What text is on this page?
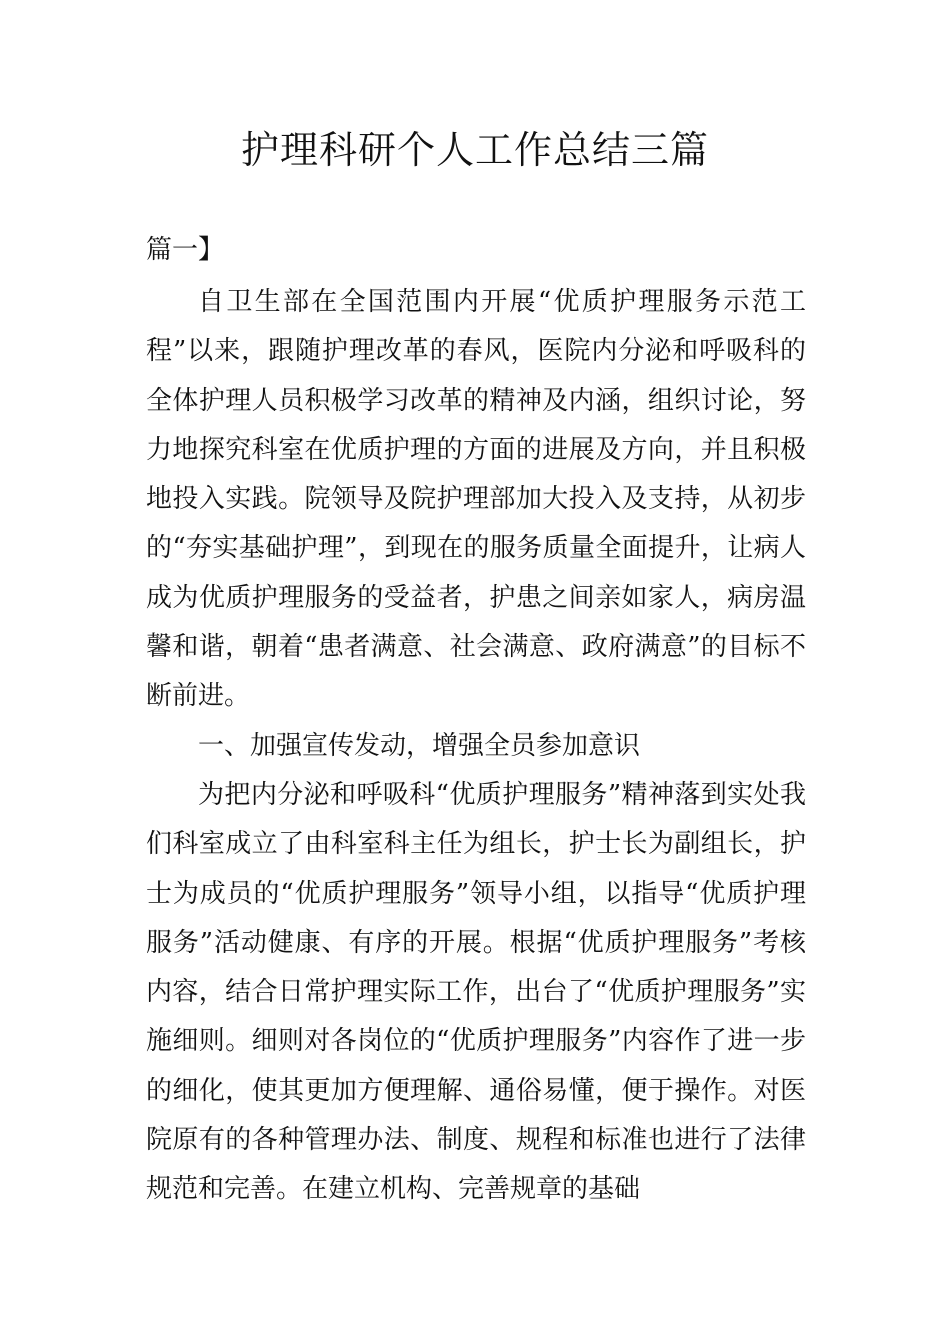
护理科研个人工作总结三篇

篇一】

自卫生部在全国范围内开展“优质护理服务示范工程”以来，跟随护理改革的春风，医院内分泌和呼吸科的全体护理人员积极学习改革的精神及内涵，组织讨论，努力地探究科室在优质护理的方面的进展及方向，并且积极地投入实践。院领导及院护理部加大投入及支持，从初步的“夯实基础护理”，到现在的服务质量全面提升，让病人成为优质护理服务的受益者，护患之间亲如家人，病房温馨和谐，朝着“患者满意、社会满意、政府满意”的目标不断前进。

一、加强宣传发动，增强全员参加意识

为把内分泌和呼吸科“优质护理服务”精神落到实处我们科室成立了由科室科主任为组长，护士长为副组长，护士为成员的“优质护理服务”领导小组，以指导“优质护理服务”活动健康、有序的开展。根据“优质护理服务”考核内容，结合日常护理实际工作，出台了“优质护理服务”实施细则。细则对各岗位的“优质护理服务”内容作了进一步的细化，使其更加方便理解、通俗易懂，便于操作。对医院原有的各种管理办法、制度、规程和标准也进行了法律规范和完善。在建立机构、完善规章的基础
